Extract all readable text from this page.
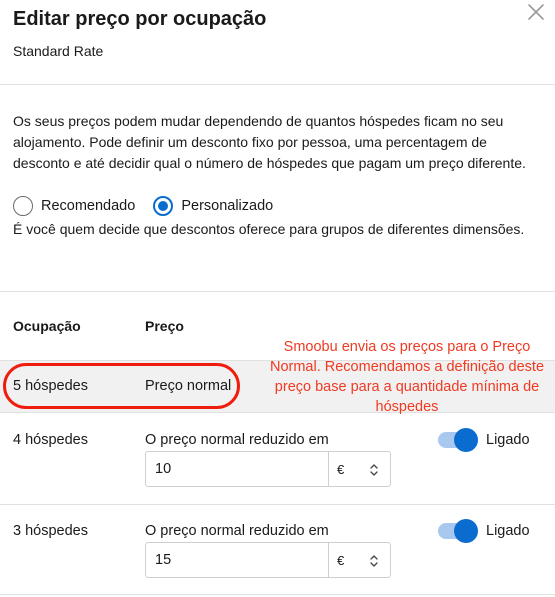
Editar preço por ocupação
Standard Rate
Os seus preços podem mudar dependendo de quantos hóspedes ficam no seu alojamento. Pode definir um desconto fixo por pessoa, uma percentagem de desconto e até decidir qual o número de hóspedes que pagam um preço diferente.
Recomendado	Personalizado
É você quem decide que descontos oferece para grupos de diferentes dimensões.
Ocupação	Preço
5 hóspedes	Preço normal
Smoobu envia os preços para o Preço Normal. Recomendamos a definição deste preço base para a quantidade mínima de hóspedes
4 hóspedes	O preço normal reduzido em	Ligado
10
€
3 hóspedes	O preço normal reduzido em	Ligado
15
€
